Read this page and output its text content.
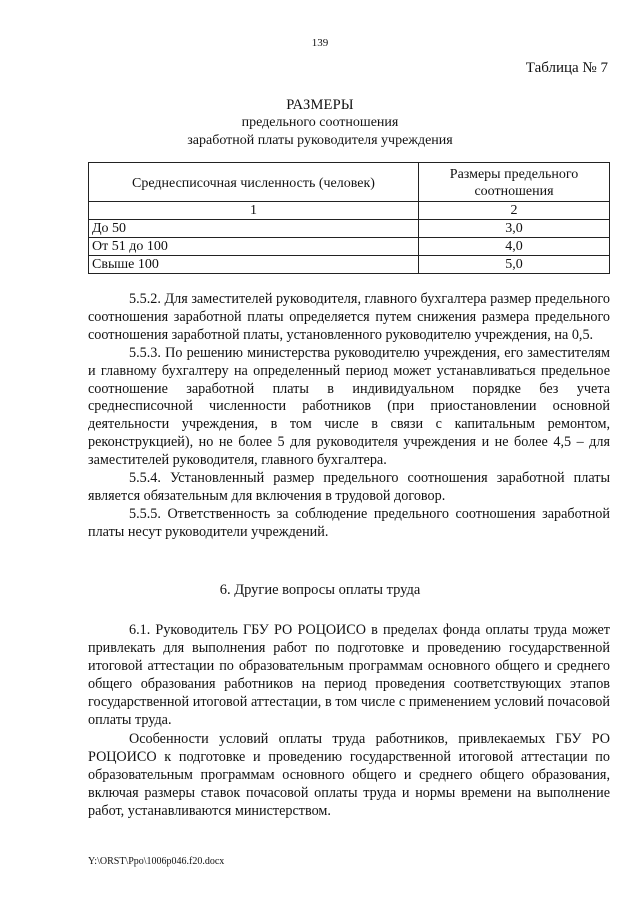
139
Таблица № 7
РАЗМЕРЫ
предельного соотношения
заработной платы руководителя учреждения
Среднесписочная численность (человек)	Размеры предельного соотношения
1	2
До 50	3,0
От 51 до 100	4,0
Свыше 100	5,0

5.5.2. Для заместителей руководителя, главного бухгалтера размер предельного соотношения заработной платы определяется путем снижения размера предельного соотношения заработной платы, установленного руководителю учреждения, на 0,5.

5.5.3. По решению министерства руководителю учреждения, его заместителям и главному бухгалтеру на определенный период может устанавливаться предельное соотношение заработной платы в индивидуальном порядке без учета среднесписочной численности работников (при приостановлении основной деятельности учреждения, в том числе в связи с капитальным ремонтом, реконструкцией), но не более 5 для руководителя учреждения и не более 4,5 – для заместителей руководителя, главного бухгалтера.

5.5.4. Установленный размер предельного соотношения заработной платы является обязательным для включения в трудовой договор.

5.5.5. Ответственность за соблюдение предельного соотношения заработной платы несут руководители учреждений.

6. Другие вопросы оплаты труда

6.1. Руководитель ГБУ РО РОЦОИСО в пределах фонда оплаты труда может привлекать для выполнения работ по подготовке и проведению государственной итоговой аттестации по образовательным программам основного общего и среднего общего образования работников на период проведения соответствующих этапов государственной итоговой аттестации, в том числе с применением условий почасовой оплаты труда.

Особенности условий оплаты труда работников, привлекаемых ГБУ РО РОЦОИСО к подготовке и проведению государственной итоговой аттестации по образовательным программам основного общего и среднего общего образования, включая размеры ставок почасовой оплаты труда и нормы времени на выполнение работ, устанавливаются министерством.

Y:\ORST\Ppo\1006p046.f20.docx
